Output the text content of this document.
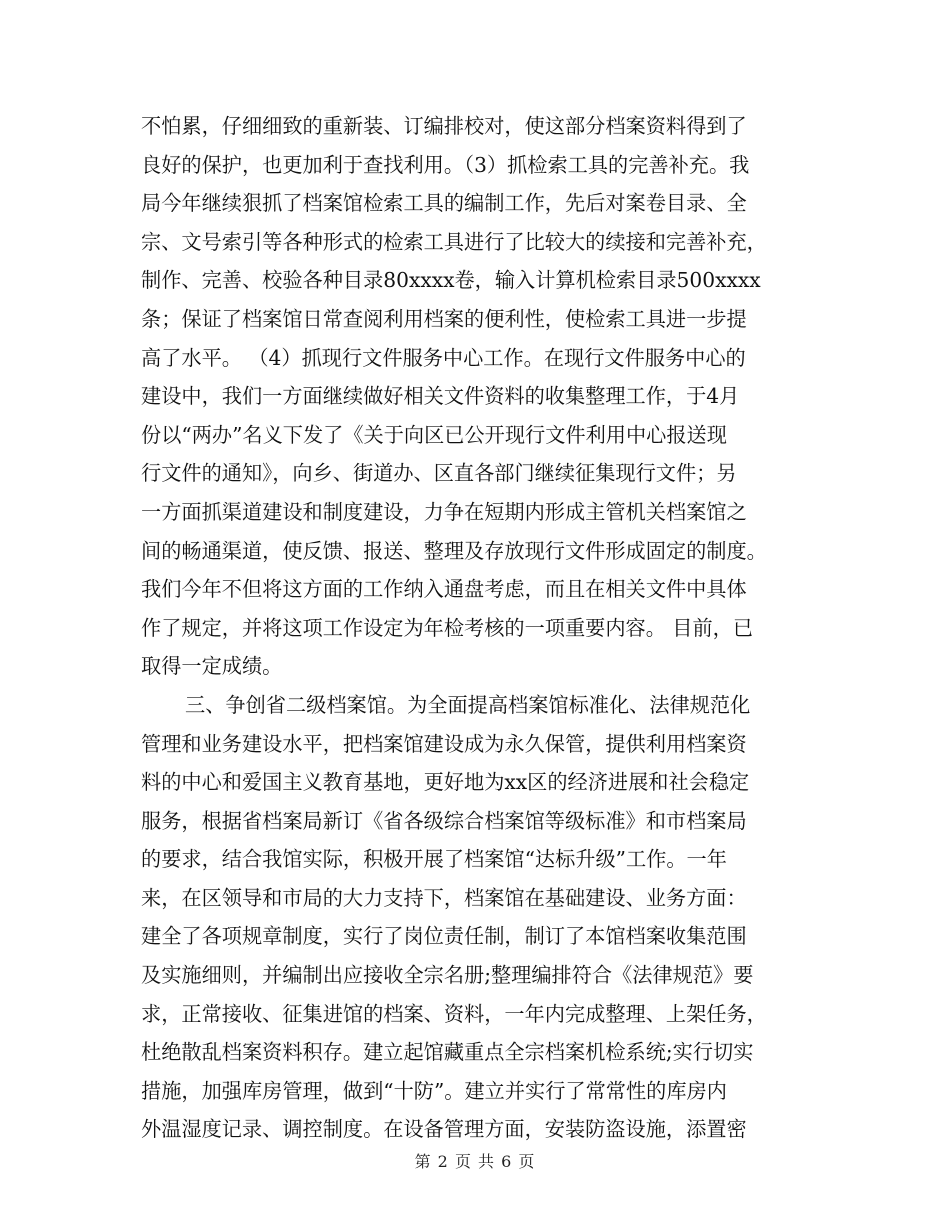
不怕累，仔细细致的重新装、订编排校对，使这部分档案资料得到了
良好的保护，也更加利于查找利用。（3）抓检索工具的完善补充。我
局今年继续狠抓了档案馆检索工具的编制工作，先后对案卷目录、全
宗、文号索引等各种形式的检索工具进行了比较大的续接和完善补充，
制作、完善、校验各种目录80xxxx卷，输入计算机检索目录500xxxx
条；保证了档案馆日常查阅利用档案的便利性，使检索工具进一步提
高了水平。 （4）抓现行文件服务中心工作。在现行文件服务中心的
建设中，我们一方面继续做好相关文件资料的收集整理工作，于4月
份以“两办”名义下发了《关于向区已公开现行文件利用中心报送现
行文件的通知》，向乡、街道办、区直各部门继续征集现行文件；另
一方面抓渠道建设和制度建设，力争在短期内形成主管机关档案馆之
间的畅通渠道，使反馈、报送、整理及存放现行文件形成固定的制度。
我们今年不但将这方面的工作纳入通盘考虑，而且在相关文件中具体
作了规定，并将这项工作设定为年检考核的一项重要内容。 目前，已
取得一定成绩。
三、争创省二级档案馆。为全面提高档案馆标准化、法律规范化
管理和业务建设水平，把档案馆建设成为永久保管，提供利用档案资
料的中心和爱国主义教育基地，更好地为xx区的经济进展和社会稳定
服务，根据省档案局新订《省各级综合档案馆等级标准》和市档案局
的要求，结合我馆实际，积极开展了档案馆“达标升级”工作。一年
来，在区领导和市局的大力支持下，档案馆在基础建设、业务方面：
建全了各项规章制度，实行了岗位责任制，制订了本馆档案收集范围
及实施细则，并编制出应接收全宗名册;整理编排符合《法律规范》要
求，正常接收、征集进馆的档案、资料，一年内完成整理、上架任务，
杜绝散乱档案资料积存。建立起馆藏重点全宗档案机检系统;实行切实
措施，加强库房管理，做到“十防”。建立并实行了常常性的库房内
外温湿度记录、调控制度。在设备管理方面，安装防盗设施，添置密
第 2 页 共 6 页
